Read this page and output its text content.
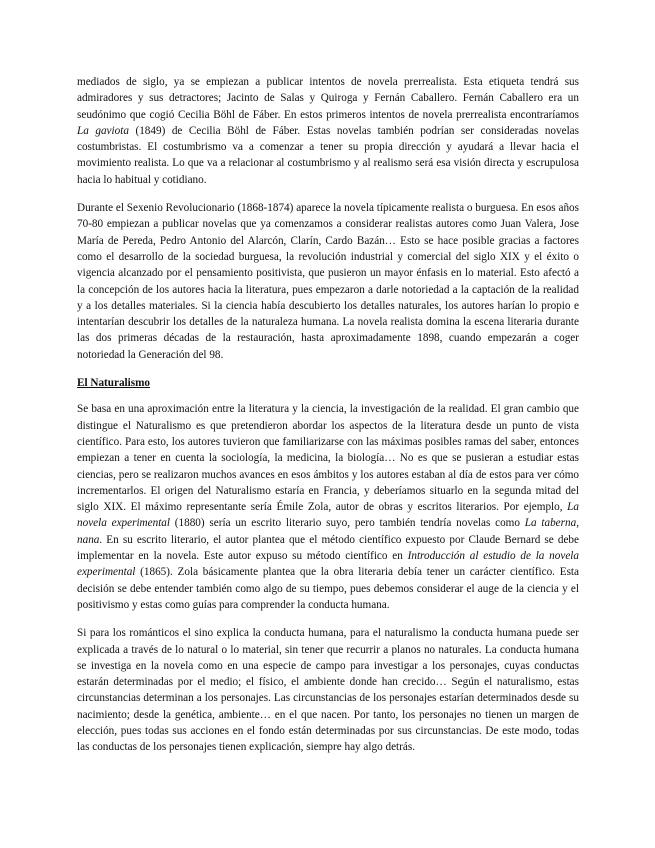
mediados de siglo, ya se empiezan a publicar intentos de novela prerrealista. Esta etiqueta tendrá sus admiradores y sus detractores; Jacinto de Salas y Quiroga y Fernán Caballero. Fernán Caballero era un seudónimo que cogió Cecilia Böhl de Fáber. En estos primeros intentos de novela prerrealista encontraríamos La gaviota (1849) de Cecilia Böhl de Fáber. Estas novelas también podrían ser consideradas novelas costumbristas. El costumbrismo va a comenzar a tener su propia dirección y ayudará a llevar hacia el movimiento realista. Lo que va a relacionar al costumbrismo y al realismo será esa visión directa y escrupulosa hacia lo habitual y cotidiano.

Durante el Sexenio Revolucionario (1868-1874) aparece la novela típicamente realista o burguesa. En esos años 70-80 empiezan a publicar novelas que ya comenzamos a considerar realistas autores como Juan Valera, Jose María de Pereda, Pedro Antonio del Alarcón, Clarín, Cardo Bazán… Esto se hace posible gracias a factores como el desarrollo de la sociedad burguesa, la revolución industrial y comercial del siglo XIX y el éxito o vigencia alcanzado por el pensamiento positivista, que pusieron un mayor énfasis en lo material. Esto afectó a la concepción de los autores hacia la literatura, pues empezaron a darle notoriedad a la captación de la realidad y a los detalles materiales. Si la ciencia había descubierto los detalles naturales, los autores harían lo propio e intentarían descubrir los detalles de la naturaleza humana. La novela realista domina la escena literaria durante las dos primeras décadas de la restauración, hasta aproximadamente 1898, cuando empezarán a coger notoriedad la Generación del 98.

El Naturalismo

Se basa en una aproximación entre la literatura y la ciencia, la investigación de la realidad. El gran cambio que distingue el Naturalismo es que pretendieron abordar los aspectos de la literatura desde un punto de vista científico. Para esto, los autores tuvieron que familiarizarse con las máximas posibles ramas del saber, entonces empiezan a tener en cuenta la sociología, la medicina, la biología… No es que se pusieran a estudiar estas ciencias, pero se realizaron muchos avances en esos ámbitos y los autores estaban al día de estos para ver cómo incrementarlos. El origen del Naturalismo estaría en Francia, y deberíamos situarlo en la segunda mitad del siglo XIX. El máximo representante sería Émile Zola, autor de obras y escritos literarios. Por ejemplo, La novela experimental (1880) sería un escrito literario suyo, pero también tendría novelas como La taberna, nana. En su escrito literario, el autor plantea que el método científico expuesto por Claude Bernard se debe implementar en la novela. Este autor expuso su método científico en Introducción al estudio de la novela experimental (1865). Zola básicamente plantea que la obra literaria debía tener un carácter científico. Esta decisión se debe entender también como algo de su tiempo, pues debemos considerar el auge de la ciencia y el positivismo y estas como guías para comprender la conducta humana.

Si para los románticos el sino explica la conducta humana, para el naturalismo la conducta humana puede ser explicada a través de lo natural o lo material, sin tener que recurrir a planos no naturales. La conducta humana se investiga en la novela como en una especie de campo para investigar a los personajes, cuyas conductas estarán determinadas por el medio; el físico, el ambiente donde han crecido… Según el naturalismo, estas circunstancias determinan a los personajes. Las circunstancias de los personajes estarían determinados desde su nacimiento; desde la genética, ambiente… en el que nacen. Por tanto, los personajes no tienen un margen de elección, pues todas sus acciones en el fondo están determinadas por sus circunstancias. De este modo, todas las conductas de los personajes tienen explicación, siempre hay algo detrás.
